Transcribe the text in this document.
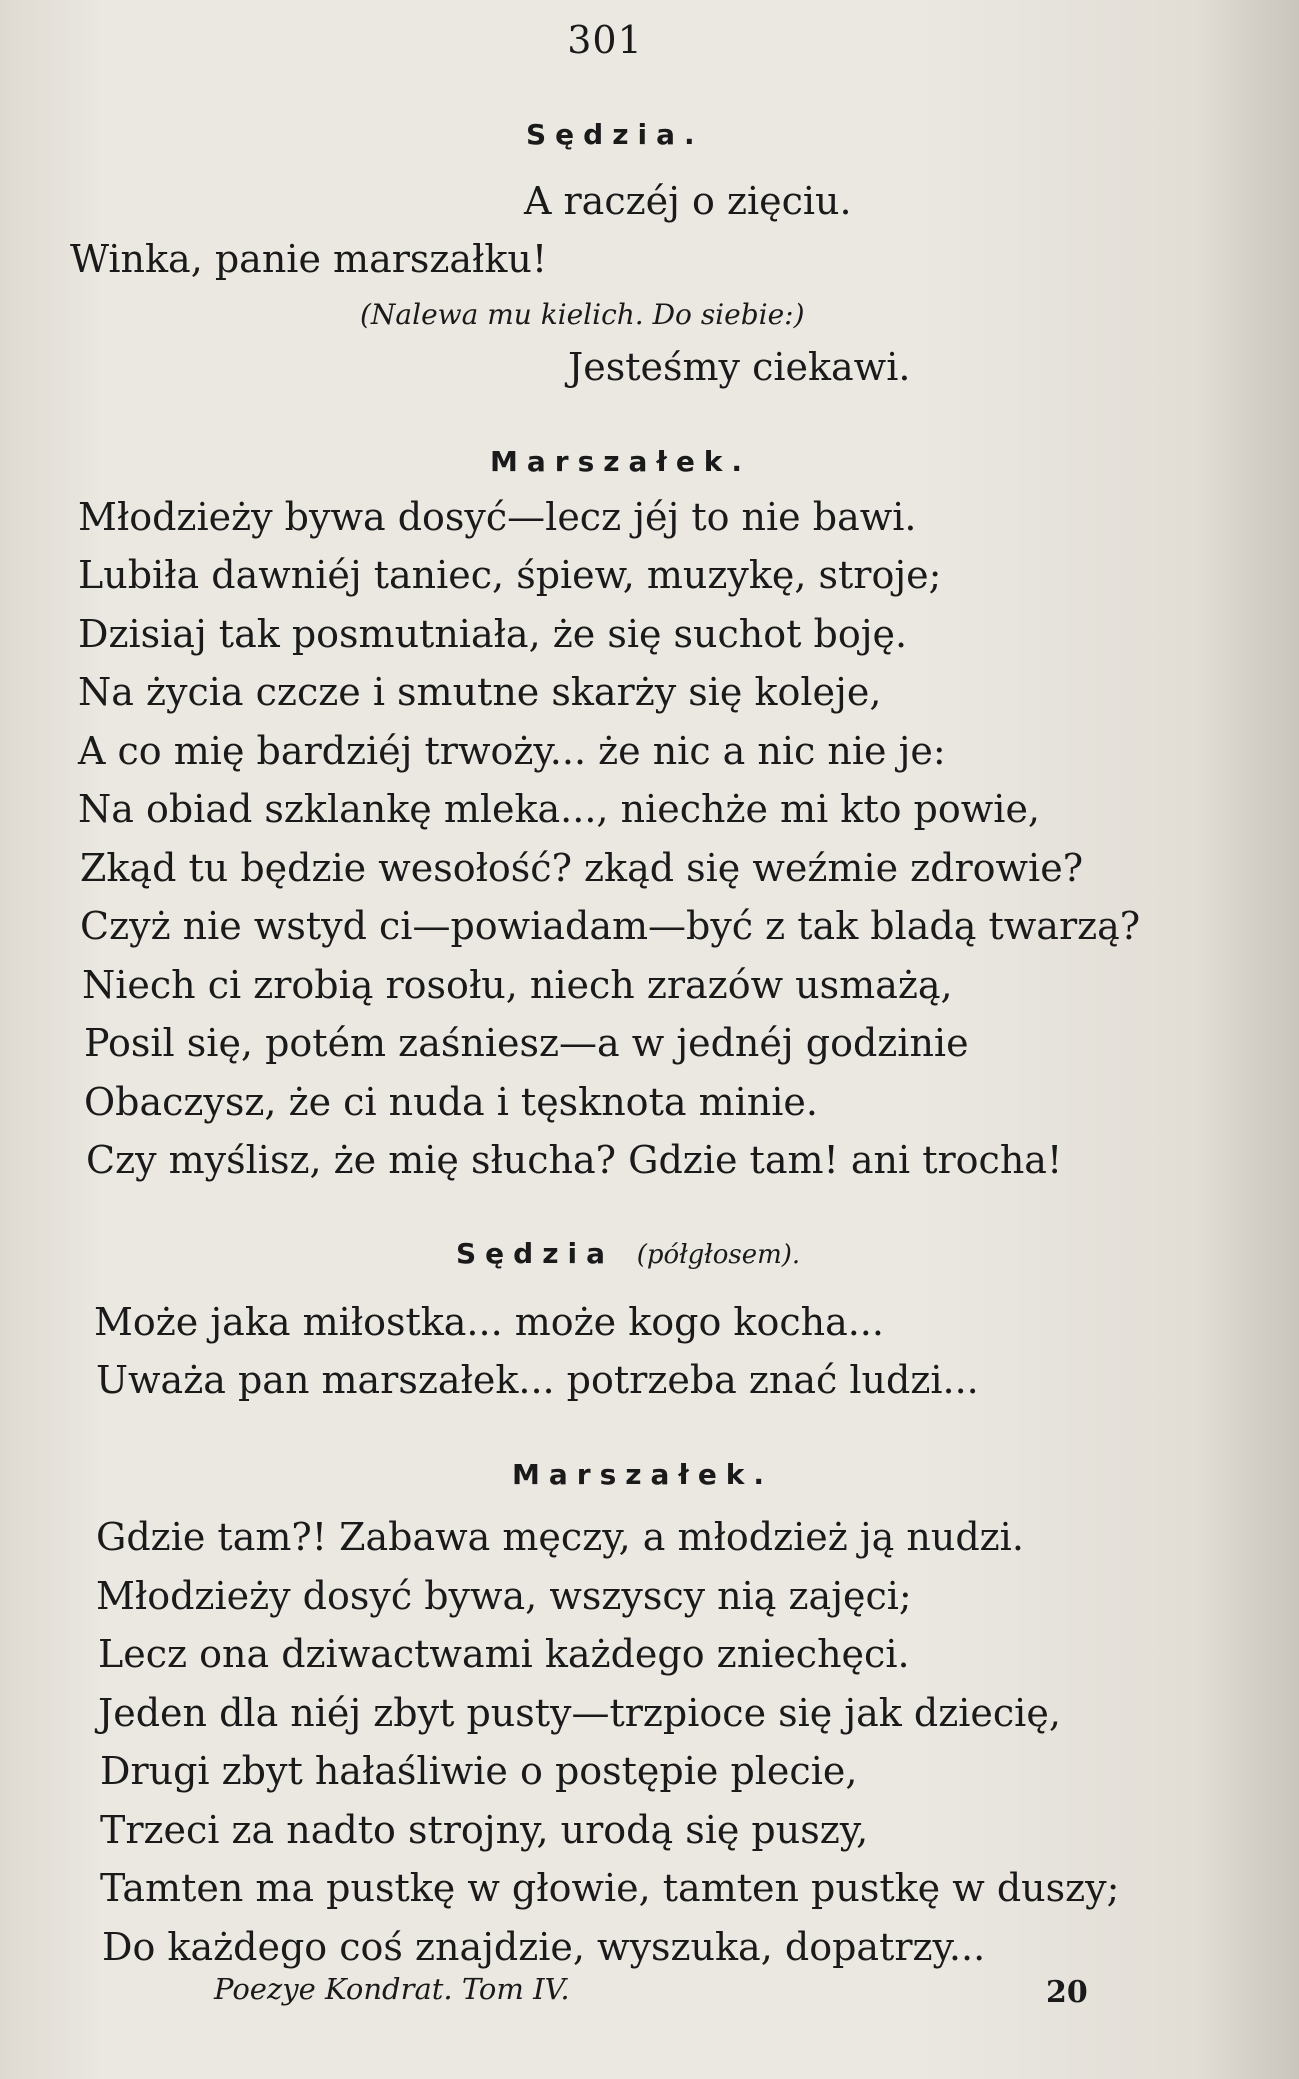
301
Sędzia.
A raczéj o zięciu.
Winka, panie marszałku!
(Nalewa mu kielich. Do siebie:)
Jesteśmy ciekawi.
Marszałek.
Młodzieży bywa dosyć—lecz jéj to nie bawi.
Lubiła dawniéj taniec, śpiew, muzykę, stroje;
Dzisiaj tak posmutniała, że się suchot boję.
Na życia czcze i smutne skarży się koleje,
A co mię bardziéj trwoży... że nic a nic nie je:
Na obiad szklankę mleka..., niechże mi kto powie,
Zkąd tu będzie wesołość? zkąd się weźmie zdrowie?
Czyż nie wstyd ci—powiadam—być z tak bladą twarzą?
Niech ci zrobią rosołu, niech zrazów usmażą,
Posil się, potém zaśniesz—a w jednéj godzinie
Obaczysz, że ci nuda i tęsknota minie.
Czy myślisz, że mię słucha? Gdzie tam! ani trocha!
Sędzia (półgłosem).
Może jaka miłostka... może kogo kocha...
Uważa pan marszałek... potrzeba znać ludzi...
Marszałek.
Gdzie tam?! Zabawa męczy, a młodzież ją nudzi.
Młodzieży dosyć bywa, wszyscy nią zajęci;
Lecz ona dziwactwami każdego zniechęci.
Jeden dla niéj zbyt pusty—trzpioce się jak dziecię,
Drugi zbyt hałaśliwie o postępie plecie,
Trzeci za nadto strojny, urodą się puszy,
Tamten ma pustkę w głowie, tamten pustkę w duszy;
Do każdego coś znajdzie, wyszuka, dopatrzy...
Poezye Kondrat. Tom IV.	20
